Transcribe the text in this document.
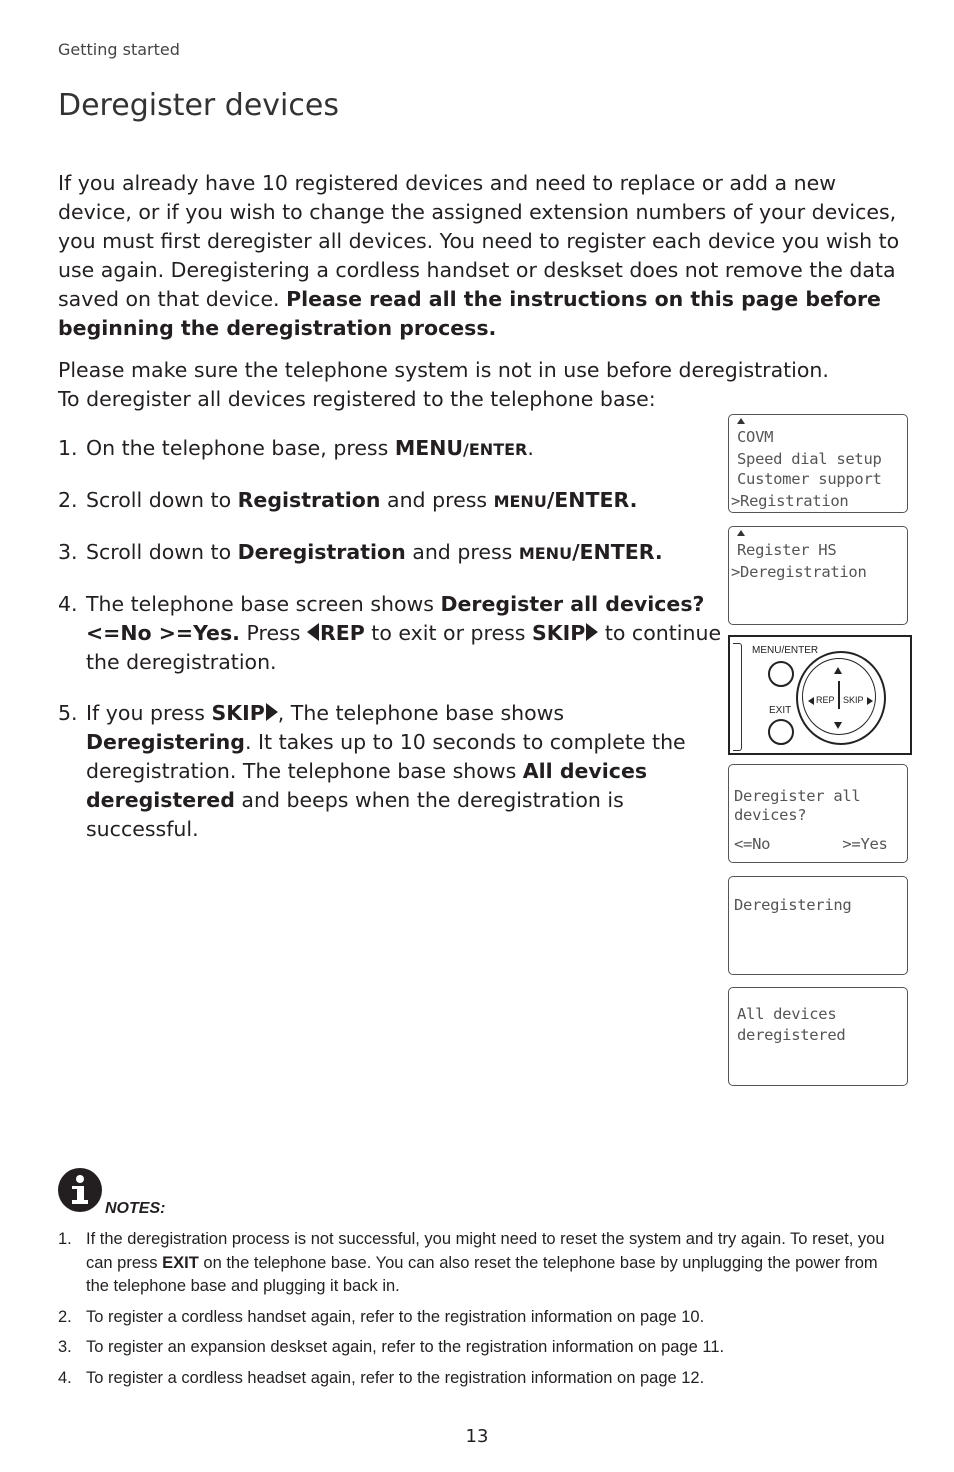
Getting started
Deregister devices

If you already have 10 registered devices and need to replace or add a new device, or if you wish to change the assigned extension numbers of your devices, you must first deregister all devices. You need to register each device you wish to use again. Deregistering a cordless handset or deskset does not remove the data saved on that device. Please read all the instructions on this page before beginning the deregistration process.

Please make sure the telephone system is not in use before deregistration.
To deregister all devices registered to the telephone base:

1. On the telephone base, press MENU/ENTER.
2. Scroll down to Registration and press MENU/ENTER.
3. Scroll down to Deregistration and press MENU/ENTER.
4. The telephone base screen shows Deregister all devices?
<=No >=Yes. Press REP to exit or press SKIP to continue the deregistration.
5. If you press SKIP , The telephone base shows
Deregistering. It takes up to 10 seconds to complete the deregistration. The telephone base shows All devices deregistered and beeps when the deregistration is successful.
COVM
Speed dial setup
Customer support
>Registration
Register HS
>Deregistration
MENU/ENTER
EXIT
REP SKIP
Deregister all
devices?
<=No        >=Yes
Deregistering
All devices
deregistered
NOTES:
1. If the deregistration process is not successful, you might need to reset the system and try again. To reset, you can press EXIT on the telephone base. You can also reset the telephone base by unplugging the power from the telephone base and plugging it back in.
2. To register a cordless handset again, refer to the registration information on page 10.
3. To register an expansion deskset again, refer to the registration information on page 11.
4. To register a cordless headset again, refer to the registration information on page 12.
13
